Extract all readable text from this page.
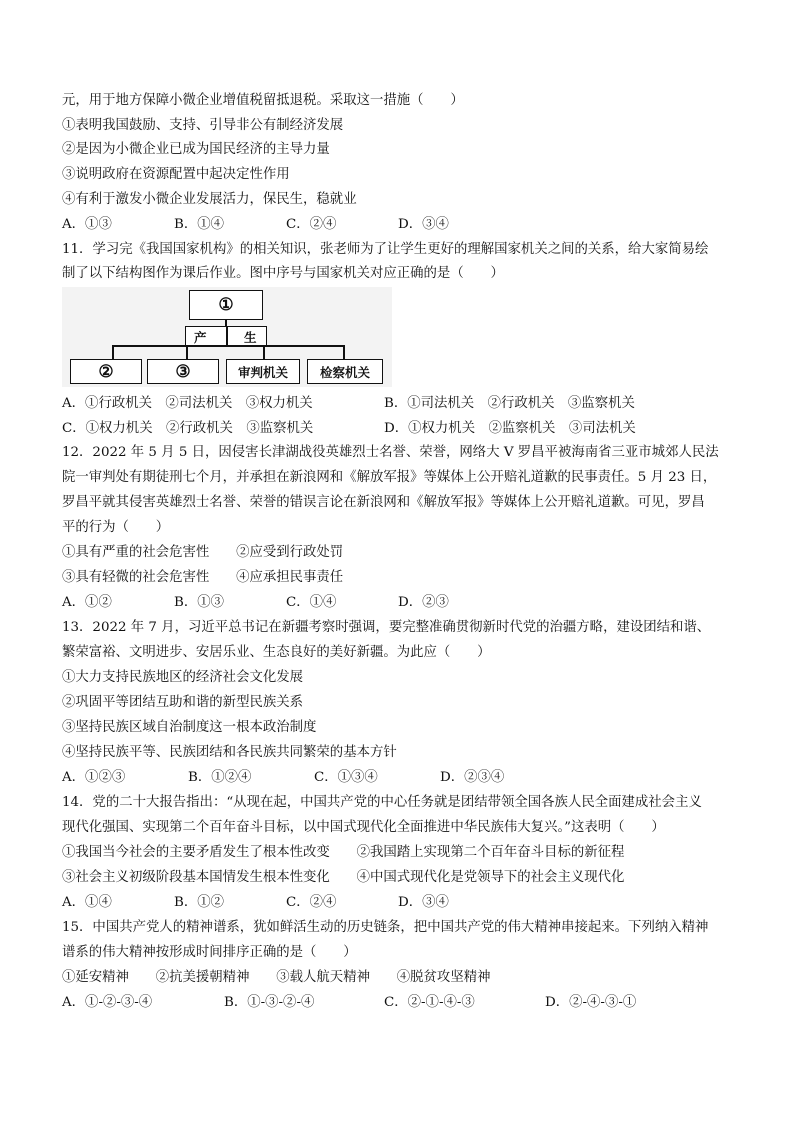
元，用于地方保障小微企业增值税留抵退税。采取这一措施（　　）
①表明我国鼓励、支持、引导非公有制经济发展
②是因为小微企业已成为国民经济的主导力量
③说明政府在资源配置中起决定性作用
④有利于激发小微企业发展活力，保民生，稳就业
A．①③	B．①④	C．②④	D．③④
11．学习完《我国国家机构》的相关知识，张老师为了让学生更好的理解国家机关之间的关系，给大家简易绘
制了以下结构图作为课后作业。图中序号与国家机关对应正确的是（　　）
①
产	生
②	③	审判机关	检察机关
A．①行政机关　②司法机关　③权力机关	B．①司法机关　②行政机关　③监察机关
C．①权力机关　②行政机关　③监察机关	D．①权力机关　②监察机关　③司法机关
12．2022 年 5 月 5 日，因侵害长津湖战役英雄烈士名誉、荣誉，网络大 V 罗昌平被海南省三亚市城郊人民法
院一审判处有期徒刑七个月，并承担在新浪网和《解放军报》等媒体上公开赔礼道歉的民事责任。5 月 23 日，
罗昌平就其侵害英雄烈士名誉、荣誉的错误言论在新浪网和《解放军报》等媒体上公开赔礼道歉。可见，罗昌
平的行为（　　）
①具有严重的社会危害性　　②应受到行政处罚
③具有轻微的社会危害性　　④应承担民事责任
A．①②	B．①③	C．①④	D．②③
13．2022 年 7 月，习近平总书记在新疆考察时强调，要完整准确贯彻新时代党的治疆方略，建设团结和谐、
繁荣富裕、文明进步、安居乐业、生态良好的美好新疆。为此应（　　）
①大力支持民族地区的经济社会文化发展
②巩固平等团结互助和谐的新型民族关系
③坚持民族区域自治制度这一根本政治制度
④坚持民族平等、民族团结和各民族共同繁荣的基本方针
A．①②③	B．①②④	C．①③④	D．②③④
14．党的二十大报告指出：“从现在起，中国共产党的中心任务就是团结带领全国各族人民全面建成社会主义
现代化强国、实现第二个百年奋斗目标，以中国式现代化全面推进中华民族伟大复兴。”这表明（　　）
①我国当今社会的主要矛盾发生了根本性改变　　②我国踏上实现第二个百年奋斗目标的新征程
③社会主义初级阶段基本国情发生根本性变化　　④中国式现代化是党领导下的社会主义现代化
A．①④	B．①②	C．②④	D．③④
15．中国共产党人的精神谱系，犹如鲜活生动的历史链条，把中国共产党的伟大精神串接起来。下列纳入精神
谱系的伟大精神按形成时间排序正确的是（　　）
①延安精神　　②抗美援朝精神　　③载人航天精神　　④脱贫攻坚精神
A．①-②-③-④	B．①-③-②-④	C．②-①-④-③	D．②-④-③-①
